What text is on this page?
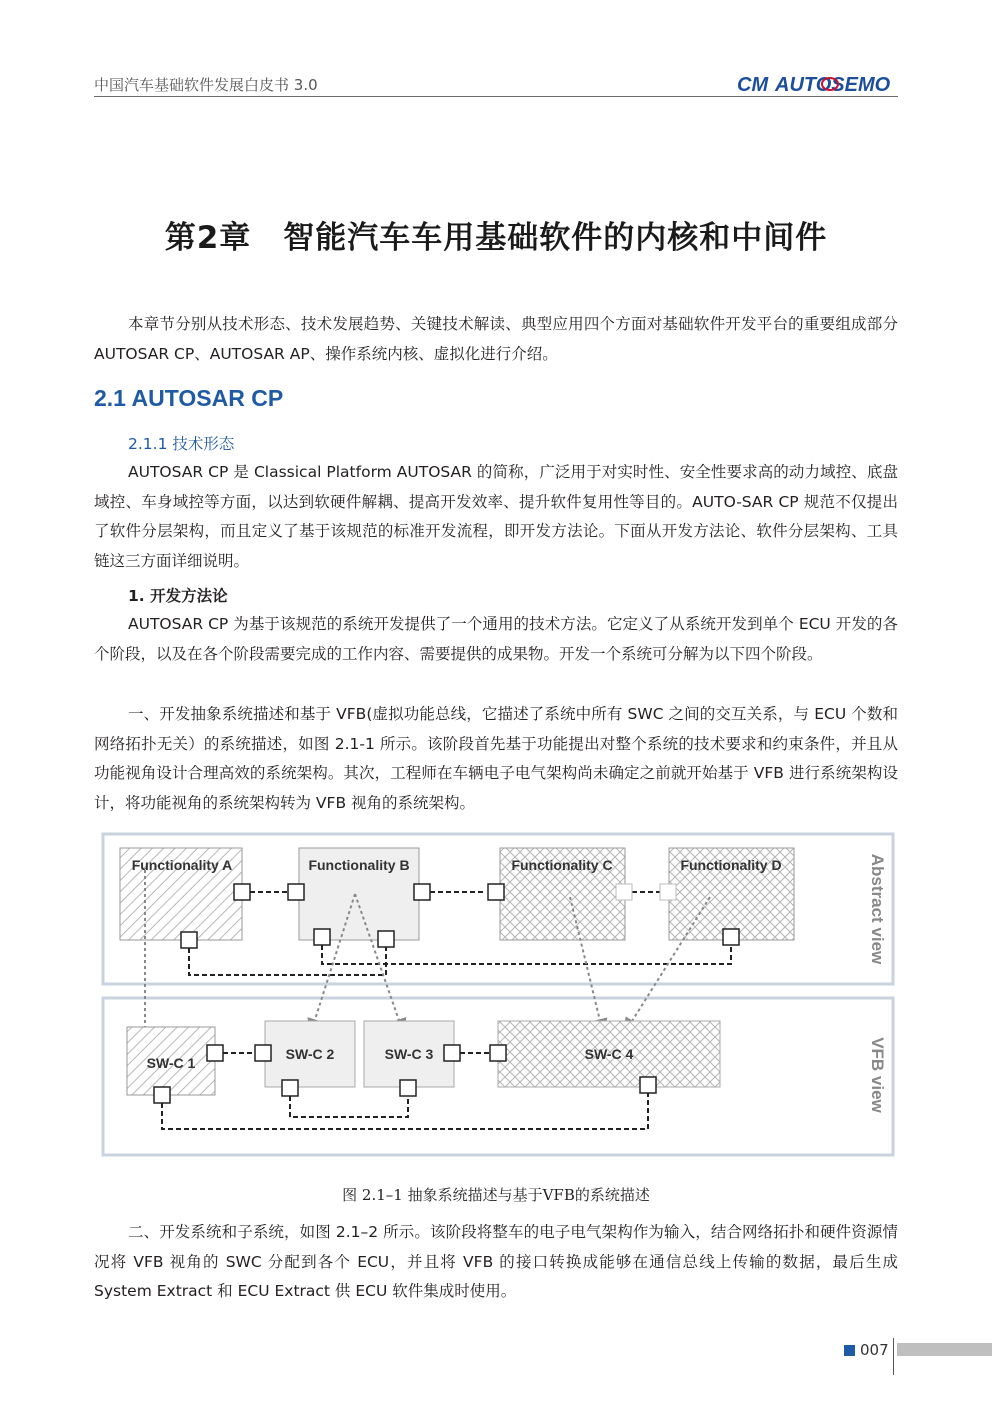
中国汽车基础软件发展白皮书 3.0	CM AUTOSEMO
第2章　智能汽车车用基础软件的内核和中间件
本章节分别从技术形态、技术发展趋势、关键技术解读、典型应用四个方面对基础软件开发平台的重要组成部分 AUTOSAR CP、AUTOSAR AP、操作系统内核、虚拟化进行介绍。
2.1 AUTOSAR CP
2.1.1 技术形态
AUTOSAR CP 是 Classical Platform AUTOSAR 的简称，广泛用于对实时性、安全性要求高的动力域控、底盘域控、车身域控等方面，以达到软硬件解耦、提高开发效率、提升软件复用性等目的。AUTO-SAR CP 规范不仅提出了软件分层架构，而且定义了基于该规范的标准开发流程，即开发方法论。下面从开发方法论、软件分层架构、工具链这三方面详细说明。
1. 开发方法论
AUTOSAR CP 为基于该规范的系统开发提供了一个通用的技术方法。它定义了从系统开发到单个 ECU 开发的各个阶段，以及在各个阶段需要完成的工作内容、需要提供的成果物。开发一个系统可分解为以下四个阶段。
一、开发抽象系统描述和基于 VFB(虚拟功能总线，它描述了系统中所有 SWC 之间的交互关系，与 ECU 个数和网络拓扑无关）的系统描述，如图 2.1-1 所示。该阶段首先基于功能提出对整个系统的技术要求和约束条件，并且从功能视角设计合理高效的系统架构。其次，工程师在车辆电子电气架构尚未确定之前就开始基于 VFB 进行系统架构设计，将功能视角的系统架构转为 VFB 视角的系统架构。
Abstract view
VFB view
Functionality A	Functionality B	Functionality C	Functionality D
SW-C 1
SW-C 2	SW-C 3	SW-C 4
图 2.1–1 抽象系统描述与基于VFB的系统描述
二、开发系统和子系统，如图 2.1–2 所示。该阶段将整车的电子电气架构作为输入，结合网络拓扑和硬件资源情况将 VFB 视角的 SWC 分配到各个 ECU，并且将 VFB 的接口转换成能够在通信总线上传输的数据，最后生成 System Extract 和 ECU Extract 供 ECU 软件集成时使用。
007
